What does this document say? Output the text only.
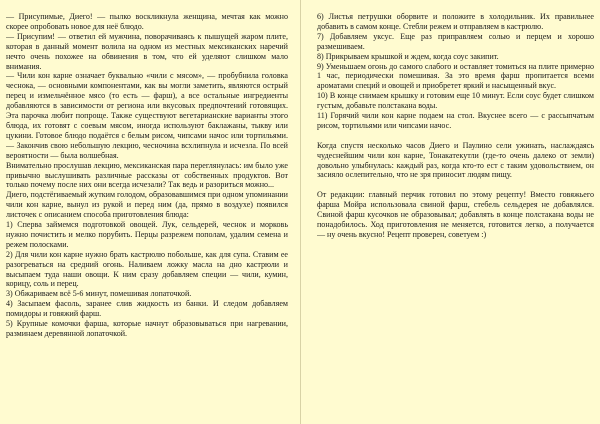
— Присупимые, Диего! — пылко воскликнула женщина, мечтая как можно скорее опробовать новое для неё блюдо.

— Присупим! — ответил ей мужчина, поворачиваясь к пышущей жаром плите, которая в данный момент волила на одном из местных мексиканских наречий нечто очень похожее на обвинения в том, что ей уделяют слишком мало внимания.

— Чили кон карне означает буквально «чили с мясом», — пробубнила головка чеснока, — основными компонентами, как вы могли заметить, являются острый перец и измельчённое мясо (то есть — фарш), а все остальные ингредиенты добавляются в зависимости от региона или вкусовых предпочтений готовящих. Эта парочка любит попроще. Также существуют вегетарианские варианты этого блюда, их готовят с соевым мясом, иногда используют баклажаны, тыкву или цукини. Готовое блюдо подаётся с белым рисом, чипсами начос или тортильями. — Закончив свою небольшую лекцию, чесночина всхлипнула и исчезла. По всей вероятности — была волшебная.

Внимательно прослушав лекцию, мексиканская пара переглянулась: им было уже привычно выслушивать различные рассказы от собственных продуктов. Вот только почему после них они всегда исчезали? Так ведь и разориться можно...

Диего, подстёгиваемый жутким голодом, образовавшимся при одном упоминании чили кон карне, вынул из рукой и перед ним (да, прямо в воздухе) появился листочек с описанием способа приготовления блюда:

1) Сперва займемся подготовкой овощей. Лук, сельдерей, чеснок и морковь нужно почистить и мелко порубить. Перцы разрежем пополам, удалим семена и режем полосками.

2) Для чили кон карне нужно брать кастрюлю побольше, как для супа. Ставим ее разогреваться на средний огонь. Наливаем ложку масла на дно кастрюли и высыпаем туда наши овощи. К ним сразу добавляем специи — чили, кумин, корицу, соль и перец.

3) Обжариваем всё 5-6 минут, помешивая лопаточкой.

4) Засыпаем фасоль, заранее слив жидкость из банки. И следом добавляем помидоры и говяжий фарш.

5) Крупные комочки фарша, которые начнут образовываться при нагревании, разминаем деревянной лопаточкой.

6) Листья петрушки оборвите и положите в холодильник. Их правильнее добавить в самом конце. Стебли режем и отправляем в кастрюлю.

7) Добавляем уксус. Еще раз приправляем солью и перцем и хорошо размешиваем.

8) Прикрываем крышкой и ждем, когда соус закипит.

9) Уменьшаем огонь до самого слабого и оставляет томиться на плите примерно 1 час, периодически помешивая. За это время фарш пропитается всеми ароматами специй и овощей и приобретет яркий и насыщенный вкус.

10) В конце снимаем крышку и готовим еще 10 минут. Если соус будет слишком густым, добавьте полстакана воды.

11) Горячий чили кон карне подаем на стол. Вкуснее всего — с рассыпчатым рисом, тортильями или чипсами начос.

Когда спустя несколько часов Диего и Паулино сели ужинать, наслаждаясь чудеснейшим чили кон карне, Тонакатекутли (где-то очень далеко от земли) довольно улыбнулась: каждый раз, когда кто-то ест с таким удовольствием, он засияло ослепительно, что не зря приносит людям пищу.

От редакции: главный перчик готовил по этому рецепту! Вместо говяжьего фарша Мойра использовала свиной фарш, стебель сельдерея не добавлялся. Свиной фарш кусочков не образовывал; добавлять в конце полстакана воды не понадобилось. Ход приготовления не меняется, готовится легко, а получается — ну очень вкусно! Рецепт проверен, советуем :)
